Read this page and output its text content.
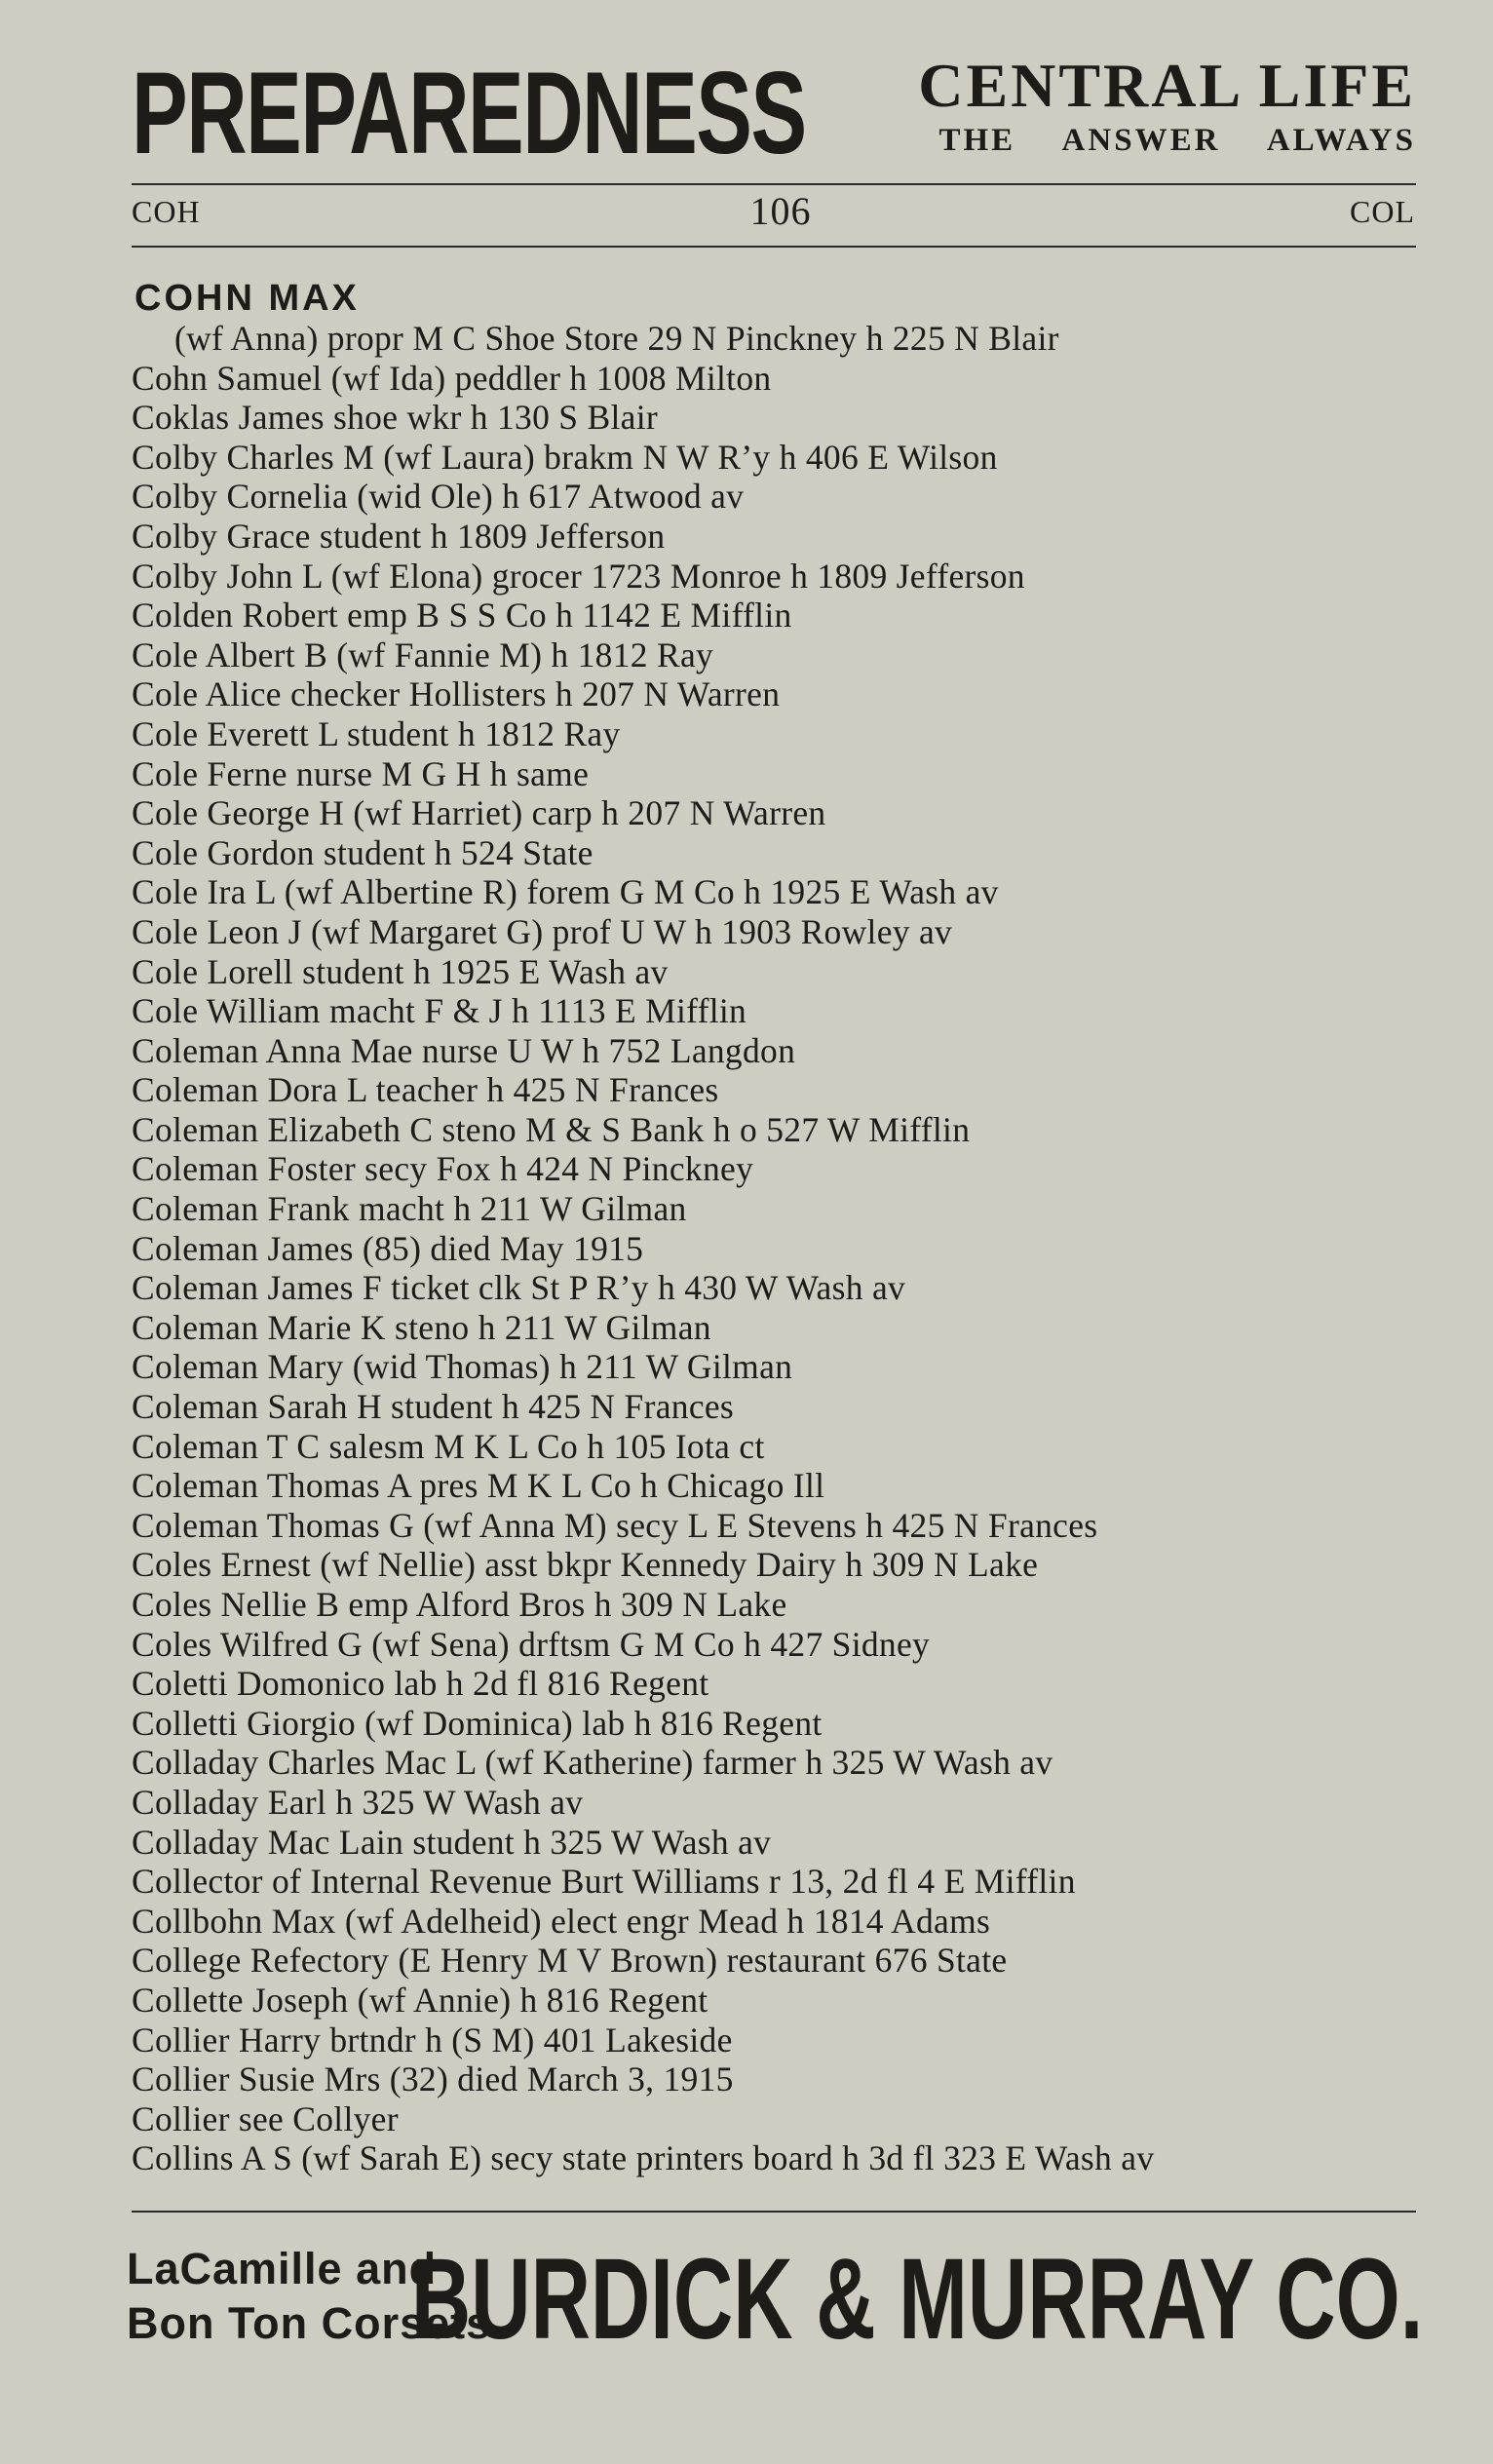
PREPAREDNESS CENTRAL LIFE
THE ANSWER ALWAYS
COH	106	COL
COHN MAX
(wf Anna) propr M C Shoe Store 29 N Pinckney h 225 N Blair
Cohn Samuel (wf Ida) peddler h 1008 Milton
Coklas James shoe wkr h 130 S Blair
Colby Charles M (wf Laura) brakm N W R’y h 406 E Wilson
Colby Cornelia (wid Ole) h 617 Atwood av
Colby Grace student h 1809 Jefferson
Colby John L (wf Elona) grocer 1723 Monroe h 1809 Jefferson
Colden Robert emp B S S Co h 1142 E Mifflin
Cole Albert B (wf Fannie M) h 1812 Ray
Cole Alice checker Hollisters h 207 N Warren
Cole Everett L student h 1812 Ray
Cole Ferne nurse M G H h same
Cole George H (wf Harriet) carp h 207 N Warren
Cole Gordon student h 524 State
Cole Ira L (wf Albertine R) forem G M Co h 1925 E Wash av
Cole Leon J (wf Margaret G) prof U W h 1903 Rowley av
Cole Lorell student h 1925 E Wash av
Cole William macht F & J h 1113 E Mifflin
Coleman Anna Mae nurse U W h 752 Langdon
Coleman Dora L teacher h 425 N Frances
Coleman Elizabeth C steno M & S Bank h o 527 W Mifflin
Coleman Foster secy Fox h 424 N Pinckney
Coleman Frank macht h 211 W Gilman
Coleman James (85) died May 1915
Coleman James F ticket clk St P R’y h 430 W Wash av
Coleman Marie K steno h 211 W Gilman
Coleman Mary (wid Thomas) h 211 W Gilman
Coleman Sarah H student h 425 N Frances
Coleman T C salesm M K L Co h 105 Iota ct
Coleman Thomas A pres M K L Co h Chicago Ill
Coleman Thomas G (wf Anna M) secy L E Stevens h 425 N Frances
Coles Ernest (wf Nellie) asst bkpr Kennedy Dairy h 309 N Lake
Coles Nellie B emp Alford Bros h 309 N Lake
Coles Wilfred G (wf Sena) drftsm G M Co h 427 Sidney
Coletti Domonico lab h 2d fl 816 Regent
Colletti Giorgio (wf Dominica) lab h 816 Regent
Colladay Charles Mac L (wf Katherine) farmer h 325 W Wash av
Colladay Earl h 325 W Wash av
Colladay Mac Lain student h 325 W Wash av
Collector of Internal Revenue Burt Williams r 13, 2d fl 4 E Mifflin
Collbohn Max (wf Adelheid) elect engr Mead h 1814 Adams
College Refectory (E Henry M V Brown) restaurant 676 State
Collette Joseph (wf Annie) h 816 Regent
Collier Harry brtndr h (S M) 401 Lakeside
Collier Susie Mrs (32) died March 3, 1915
Collier see Collyer
Collins A S (wf Sarah E) secy state printers board h 3d fl 323 E Wash av
LaCamille and
Bon Ton Corsets
BURDICK & MURRAY CO.
